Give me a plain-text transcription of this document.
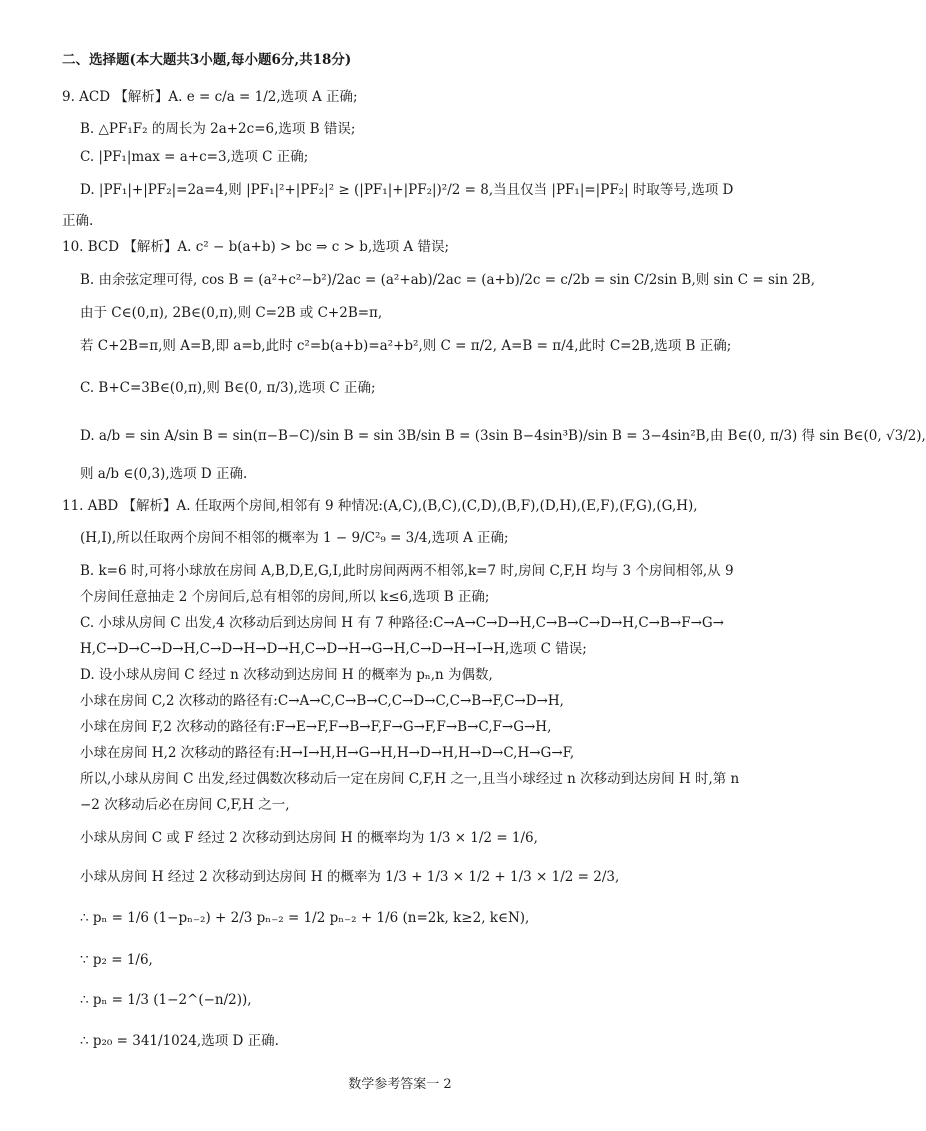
二、选择题(本大题共3小题,每小题6分,共18分)
9. ACD 【解析】A. e = c/a = 1/2,选项 A 正确;
B. △PF₁F₂ 的周长为 2a+2c=6,选项 B 错误;
C. |PF₁|max = a+c=3,选项 C 正确;
D. |PF₁|+|PF₂|=2a=4,则 |PF₁|²+|PF₂|² ≥ (|PF₁|+|PF₂|)²/2 = 8,当且仅当 |PF₁|=|PF₂| 时取等号,选项 D
正确.
10. BCD 【解析】A. c² − b(a+b) > bc ⇒ c > b,选项 A 错误;
B. 由余弦定理可得, cos B = (a²+c²−b²)/2ac = (a²+ab)/2ac = (a+b)/2c = c/2b = sin C/2sin B,则 sin C = sin 2B,
由于 C∈(0,π), 2B∈(0,π),则 C=2B 或 C+2B=π,
若 C+2B=π,则 A=B,即 a=b,此时 c²=b(a+b)=a²+b²,则 C = π/2, A=B = π/4,此时 C=2B,选项 B 正确;
C. B+C=3B∈(0,π),则 B∈(0, π/3),选项 C 正确;
D. a/b = sin A/sin B = sin(π−B−C)/sin B = sin 3B/sin B = (3sin B−4sin³B)/sin B = 3−4sin²B,由 B∈(0, π/3) 得 sin B∈(0, √3/2),
则 a/b ∈(0,3),选项 D 正确.
11. ABD 【解析】A. 任取两个房间,相邻有 9 种情况:(A,C),(B,C),(C,D),(B,F),(D,H),(E,F),(F,G),(G,H),
(H,I),所以任取两个房间不相邻的概率为 1 − 9/C²₉ = 3/4,选项 A 正确;
B. k=6 时,可将小球放在房间 A,B,D,E,G,I,此时房间两两不相邻,k=7 时,房间 C,F,H 均与 3 个房间相邻,从 9
个房间任意抽走 2 个房间后,总有相邻的房间,所以 k≤6,选项 B 正确;
C. 小球从房间 C 出发,4 次移动后到达房间 H 有 7 种路径:C→A→C→D→H,C→B→C→D→H,C→B→F→G→
H,C→D→C→D→H,C→D→H→D→H,C→D→H→G→H,C→D→H→I→H,选项 C 错误;
D. 设小球从房间 C 经过 n 次移动到达房间 H 的概率为 pₙ,n 为偶数,
小球在房间 C,2 次移动的路径有:C→A→C,C→B→C,C→D→C,C→B→F,C→D→H,
小球在房间 F,2 次移动的路径有:F→E→F,F→B→F,F→G→F,F→B→C,F→G→H,
小球在房间 H,2 次移动的路径有:H→I→H,H→G→H,H→D→H,H→D→C,H→G→F,
所以,小球从房间 C 出发,经过偶数次移动后一定在房间 C,F,H 之一,且当小球经过 n 次移动到达房间 H 时,第 n
−2 次移动后必在房间 C,F,H 之一,
小球从房间 C 或 F 经过 2 次移动到达房间 H 的概率均为 1/3 × 1/2 = 1/6,
小球从房间 H 经过 2 次移动到达房间 H 的概率为 1/3 + 1/3 × 1/2 + 1/3 × 1/2 = 2/3,
∴ pₙ = 1/6 (1−pₙ₋₂) + 2/3 pₙ₋₂ = 1/2 pₙ₋₂ + 1/6 (n=2k, k≥2, k∈N),
∵ p₂ = 1/6,
∴ pₙ = 1/3 (1−2^(−n/2)),
∴ p₂₀ = 341/1024,选项 D 正确.
数学参考答案一 2
